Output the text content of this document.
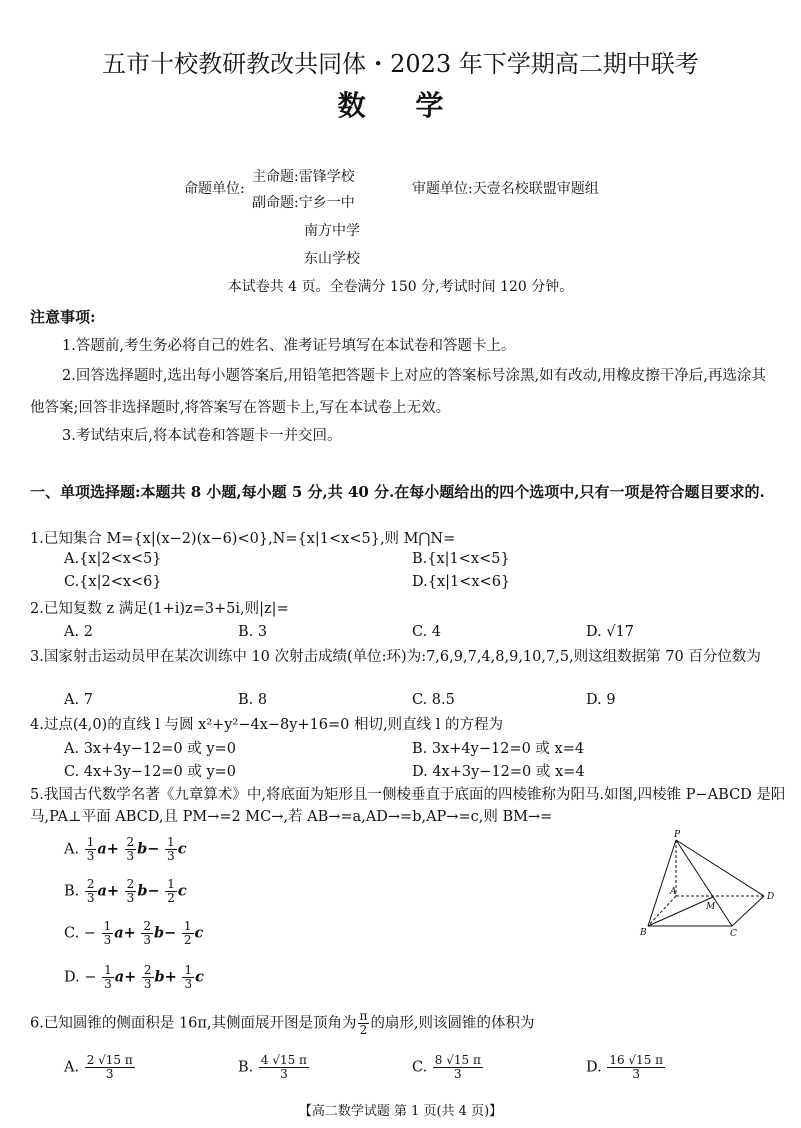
五市十校教研教改共同体・2023 年下学期高二期中联考
数 学
命题单位:
主命题:雷锋学校
副命题:宁乡一中
南方中学
东山学校
审题单位:天壹名校联盟审题组
本试卷共 4 页。全卷满分 150 分,考试时间 120 分钟。
注意事项:
1.答题前,考生务必将自己的姓名、准考证号填写在本试卷和答题卡上。
2.回答选择题时,选出每小题答案后,用铅笔把答题卡上对应的答案标号涂黑,如有改动,用橡皮擦干净后,再选涂其他答案;回答非选择题时,将答案写在答题卡上,写在本试卷上无效。
3.考试结束后,将本试卷和答题卡一并交回。
一、单项选择题:本题共 8 小题,每小题 5 分,共 40 分.在每小题给出的四个选项中,只有一项是符合题目要求的.
1.已知集合 M={x|(x−2)(x−6)<0},N={x|1<x<5},则 M⋂N=
A.{x|2<x<5}	B.{x|1<x<5}
C.{x|2<x<6}	D.{x|1<x<6}
2.已知复数 z 满足(1+i)z=3+5i,则|z|=
A. 2	B. 3	C. 4	D. √17
3.国家射击运动员甲在某次训练中 10 次射击成绩(单位:环)为:7,6,9,7,4,8,9,10,7,5,则这组数据第 70 百分位数为
A. 7	B. 8	C. 8.5	D. 9
4.过点(4,0)的直线 l 与圆 x²+y²−4x−8y+16=0 相切,则直线 l 的方程为
A. 3x+4y−12=0 或 y=0	B. 3x+4y−12=0 或 x=4
C. 4x+3y−12=0 或 y=0	D. 4x+3y−12=0 或 x=4
5.我国古代数学名著《九章算术》中,将底面为矩形且一侧棱垂直于底面的四棱锥称为阳马.如图,四棱锥 P−ABCD 是阳马,PA⊥平面 ABCD,且 PM→=2 MC→,若 AB→=a,AD→=b,AP→=c,则 BM→=
A. $\frac{1}{3} a+ \frac{2}{3} b- \frac{1}{3}$ c
B. $\frac{2}{3} a+ \frac{2}{3} b- \frac{1}{2}$ c
C. − $\frac{1}{3} a+ \frac{2}{3} b- \frac{1}{2}$ c
D. − $\frac{1}{3} a+ \frac{2}{3} b+ \frac{1}{3}$ c
P
A
B	C
D
M
6.已知圆锥的侧面积是 16π,其侧面展开图是顶角为 $\frac{\pi}{2}$ 的扇形,则该圆锥的体积为
A. $\frac{2 √15 \pi}{3}$	B. $\frac{4 √15 \pi}{3}$	C. $\frac{8 √15 \pi}{3}$	D. $\frac{16 √15 \pi}{3}$
【高二数学试题 第 1 页(共 4 页)】
